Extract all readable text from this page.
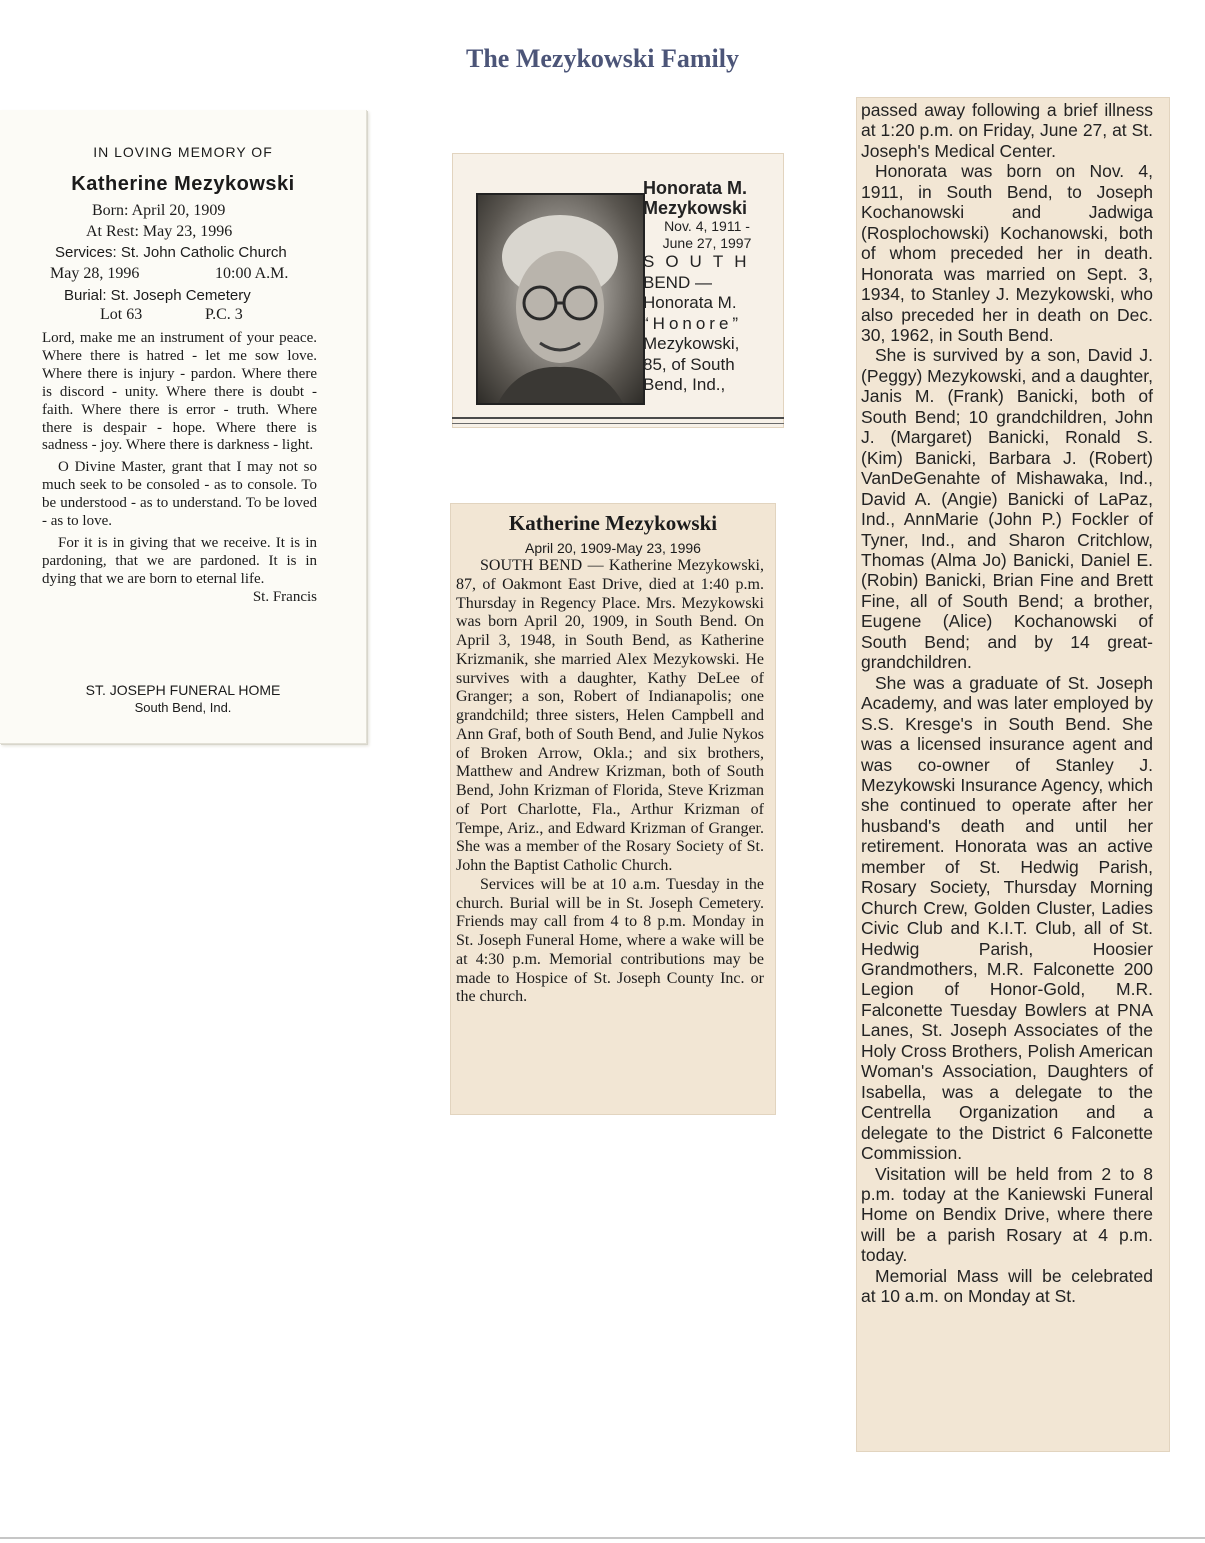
The Mezykowski Family
IN LOVING MEMORY OF
Katherine Mezykowski
Born: April 20, 1909
At Rest: May 23, 1996
Services: St. John Catholic Church
May 28, 1996	10:00 A.M.
Burial: St. Joseph Cemetery
Lot 63	P.C. 3

Lord, make me an instrument of your peace. Where there is hatred - let me sow love. Where there is injury - pardon. Where there is discord - unity. Where there is doubt - faith. Where there is error - truth. Where there is despair - hope. Where there is sadness - joy. Where there is darkness - light.

O Divine Master, grant that I may not so much seek to be consoled - as to console. To be understood - as to understand. To be loved - as to love.

For it is in giving that we receive. It is in pardoning, that we are pardoned. It is in dying that we are born to eternal life.

St. Francis
ST. JOSEPH FUNERAL HOME
South Bend, Ind.
Honorata M.
Mezykowski
Nov. 4, 1911 -
June 27, 1997
SOUTH
BEND —
Honorata M.
“Honore”
Mezykowski,
85, of South
Bend, Ind.,
Katherine Mezykowski
April 20, 1909-May 23, 1996

SOUTH BEND — Katherine Mezykowski, 87, of Oakmont East Drive, died at 1:40 p.m. Thursday in Regency Place. Mrs. Mezykowski was born April 20, 1909, in South Bend. On April 3, 1948, in South Bend, as Katherine Krizmanik, she married Alex Mezykowski. He survives with a daughter, Kathy DeLee of Granger; a son, Robert of Indianapolis; one grandchild; three sisters, Helen Campbell and Ann Graf, both of South Bend, and Julie Nykos of Broken Arrow, Okla.; and six brothers, Matthew and Andrew Krizman, both of South Bend, John Krizman of Florida, Steve Krizman of Port Charlotte, Fla., Arthur Krizman of Tempe, Ariz., and Edward Krizman of Granger. She was a member of the Rosary Society of St. John the Baptist Catholic Church.

Services will be at 10 a.m. Tuesday in the church. Burial will be in St. Joseph Cemetery. Friends may call from 4 to 8 p.m. Monday in St. Joseph Funeral Home, where a wake will be at 4:30 p.m. Memorial contributions may be made to Hospice of St. Joseph County Inc. or the church.

passed away following a brief illness at 1:20 p.m. on Friday, June 27, at St. Joseph's Medical Center.

Honorata was born on Nov. 4, 1911, in South Bend, to Joseph Kochanowski and Jadwiga (Rosplochowski) Kochanowski, both of whom preceded her in death. Honorata was married on Sept. 3, 1934, to Stanley J. Mezykowski, who also preceded her in death on Dec. 30, 1962, in South Bend.

She is survived by a son, David J. (Peggy) Mezykowski, and a daughter, Janis M. (Frank) Banicki, both of South Bend; 10 grandchildren, John J. (Margaret) Banicki, Ronald S. (Kim) Banicki, Barbara J. (Robert) VanDeGenahte of Mishawaka, Ind., David A. (Angie) Banicki of LaPaz, Ind., AnnMarie (John P.) Fockler of Tyner, Ind., and Sharon Critchlow, Thomas (Alma Jo) Banicki, Daniel E. (Robin) Banicki, Brian Fine and Brett Fine, all of South Bend; a brother, Eugene (Alice) Kochanowski of South Bend; and by 14 great-grandchildren.

She was a graduate of St. Joseph Academy, and was later employed by S.S. Kresge's in South Bend. She was a licensed insurance agent and was co-owner of Stanley J. Mezykowski Insurance Agency, which she continued to operate after her husband's death and until her retirement. Honorata was an active member of St. Hedwig Parish, Rosary Society, Thursday Morning Church Crew, Golden Cluster, Ladies Civic Club and K.I.T. Club, all of St. Hedwig Parish, Hoosier Grandmothers, M.R. Falconette 200 Legion of Honor-Gold, M.R. Falconette Tuesday Bowlers at PNA Lanes, St. Joseph Associates of the Holy Cross Brothers, Polish American Woman's Association, Daughters of Isabella, was a delegate to the Centrella Organization and a delegate to the District 6 Falconette Commission.

Visitation will be held from 2 to 8 p.m. today at the Kaniewski Funeral Home on Bendix Drive, where there will be a parish Rosary at 4 p.m. today.

Memorial Mass will be celebrated at 10 a.m. on Monday at St.
